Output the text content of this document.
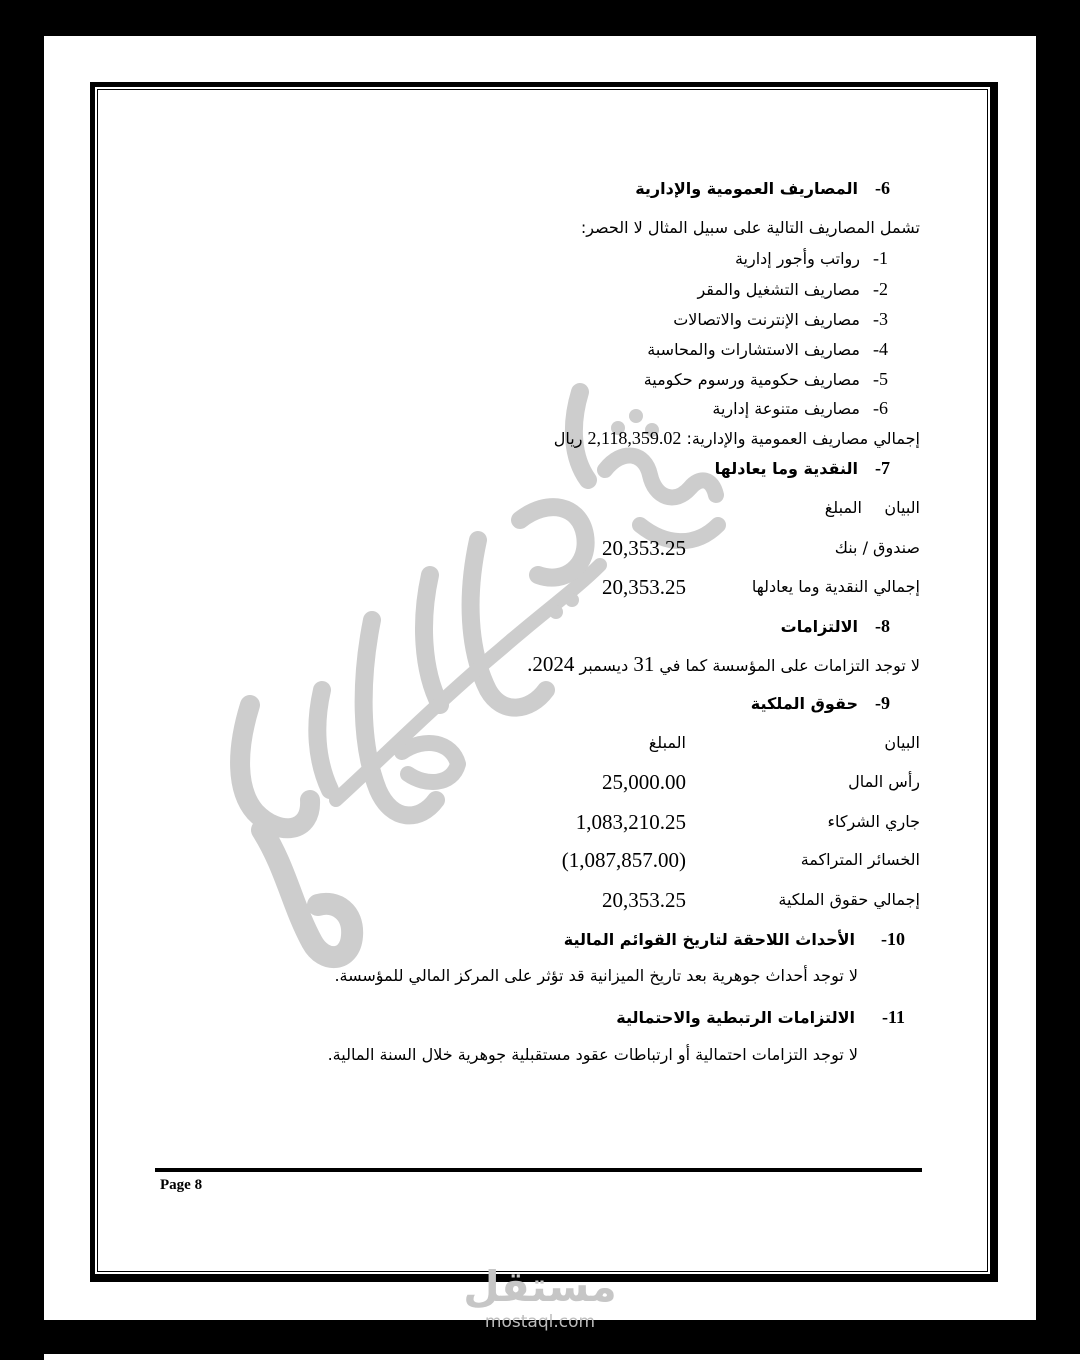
6-المصاريف العمومية والإدارية
تشمل المصاريف التالية على سبيل المثال لا الحصر:
1-رواتب وأجور إدارية
2-مصاريف التشغيل والمقر
3-مصاريف الإنترنت والاتصالات
4-مصاريف الاستشارات والمحاسبة
5-مصاريف حكومية ورسوم حكومية
6-مصاريف متنوعة إدارية
إجمالي مصاريف العمومية والإدارية: 2,118,359.02 ريال
7-النقدية وما يعادلها
البيان
المبلغ
صندوق / بنك
20,353.25
إجمالي النقدية وما يعادلها
20,353.25
8-الالتزامات
لا توجد التزامات على المؤسسة كما في 31 ديسمبر 2024.
9-حقوق الملكية
البيان
المبلغ
رأس المال
25,000.00
جاري الشركاء
1,083,210.25
الخسائر المتراكمة
(1,087,857.00)
إجمالي حقوق الملكية
20,353.25
10-الأحداث اللاحقة لتاريخ القوائم المالية
لا توجد أحداث جوهرية بعد تاريخ الميزانية قد تؤثر على المركز المالي للمؤسسة.
11-الالتزامات الرتبطية والاحتمالية
لا توجد التزامات احتمالية أو ارتباطات عقود مستقبلية جوهرية خلال السنة المالية.
Page 8
مستقل
mostaql.com
